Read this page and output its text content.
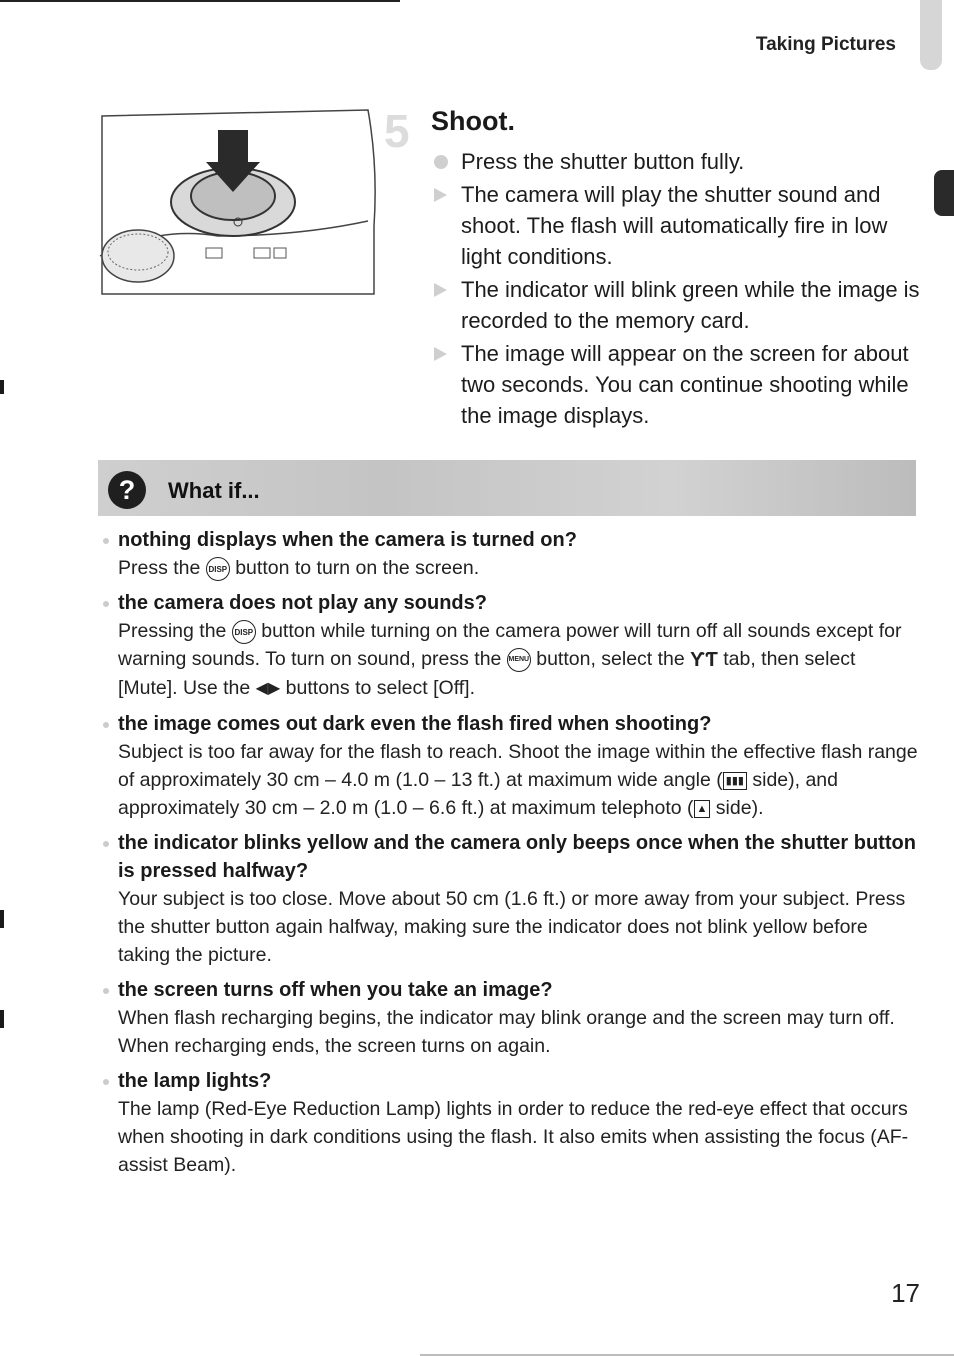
Taking Pictures
5 Shoot.
Press the shutter button fully.
The camera will play the shutter sound and shoot. The flash will automatically fire in low light conditions.
The indicator will blink green while the image is recorded to the memory card.
The image will appear on the screen for about two seconds. You can continue shooting while the image displays.
?	What if...
nothing displays when the camera is turned on?
Press the DISP button to turn on the screen.
the camera does not play any sounds?
Pressing the DISP button while turning on the camera power will turn off all sounds except for warning sounds. To turn on sound, press the MENU button, select the ƳƬ tab, then select [Mute]. Use the ◀▶ buttons to select [Off].
the image comes out dark even the flash fired when shooting?
Subject is too far away for the flash to reach. Shoot the image within the effective flash range of approximately 30 cm – 4.0 m (1.0 – 13 ft.) at maximum wide angle ( ▮▮▮ side), and approximately 30 cm – 2.0 m (1.0 – 6.6 ft.) at maximum telephoto ( ▲ side).
the indicator blinks yellow and the camera only beeps once when the shutter button is pressed halfway?
Your subject is too close. Move about 50 cm (1.6 ft.) or more away from your subject. Press the shutter button again halfway, making sure the indicator does not blink yellow before taking the picture.
the screen turns off when you take an image?
When flash recharging begins, the indicator may blink orange and the screen may turn off. When recharging ends, the screen turns on again.
the lamp lights?
The lamp (Red-Eye Reduction Lamp) lights in order to reduce the red-eye effect that occurs when shooting in dark conditions using the flash. It also emits when assisting the focus (AF-assist Beam).
17
